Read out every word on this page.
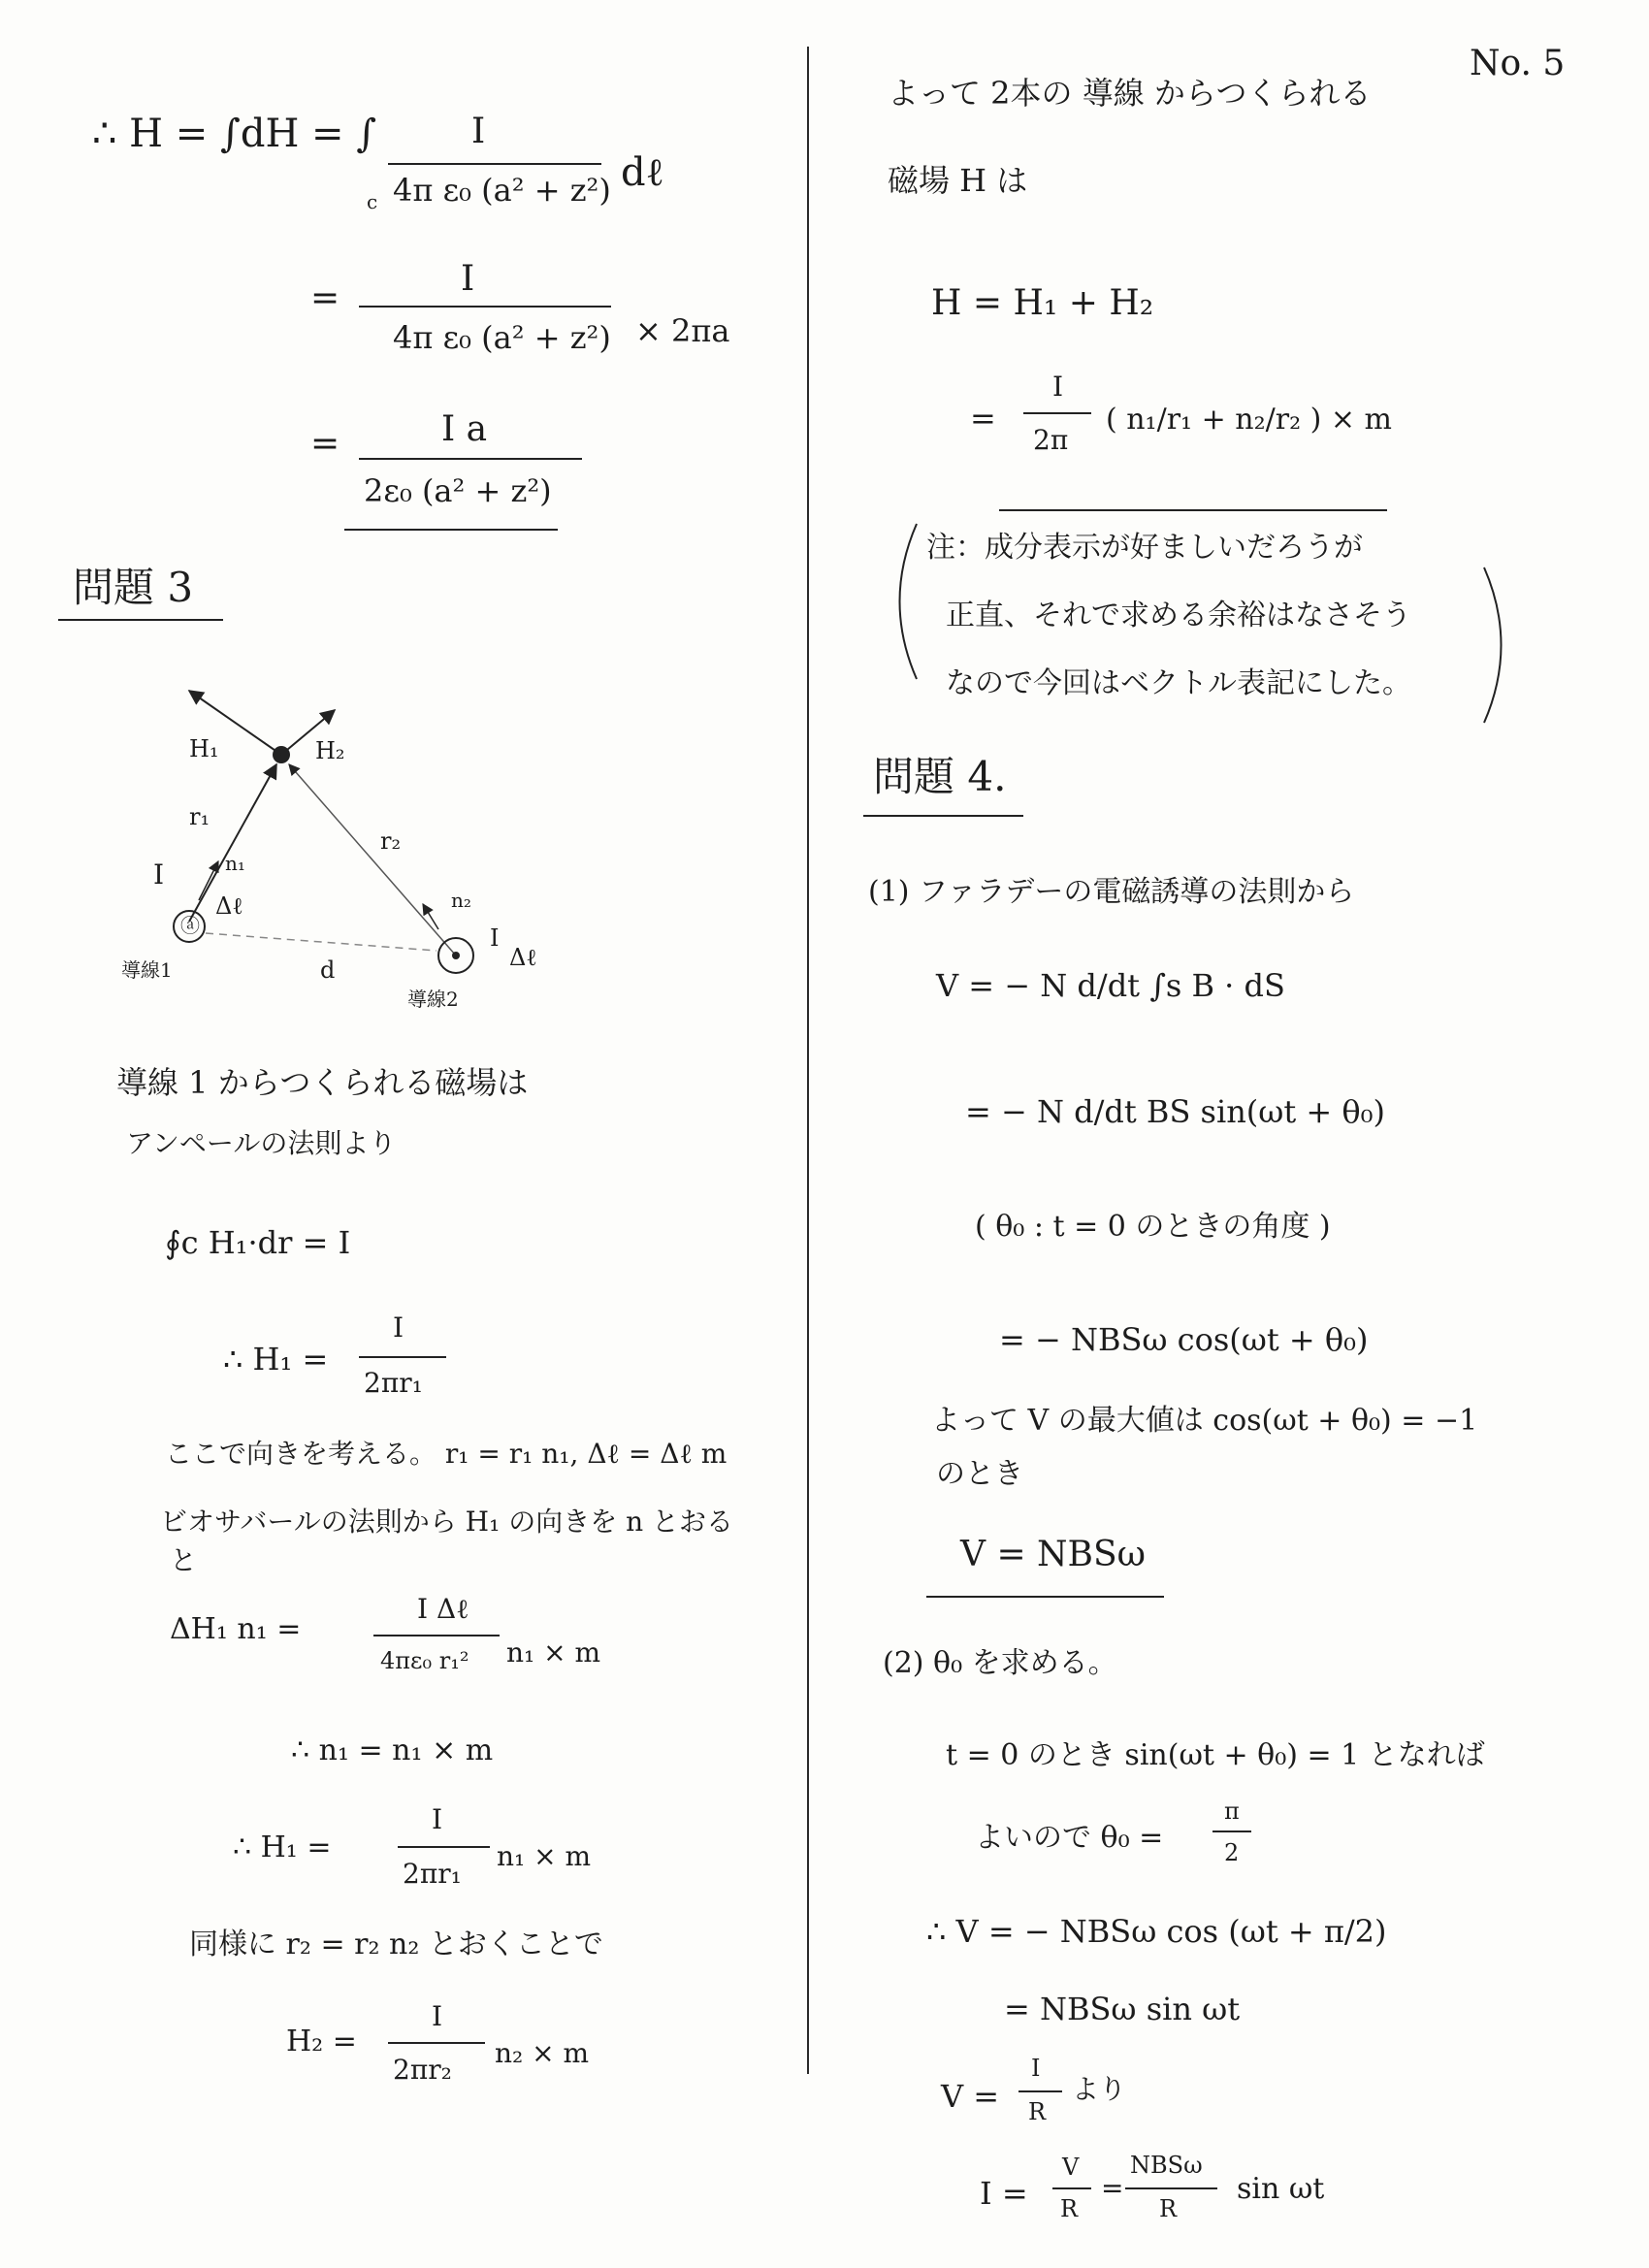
No. 5
∴ H = ∫dH = ∫
c
I
4π ε₀ (a² + z²) dℓ
=	I
4π ε₀ (a² + z²) × 2πa
=	I a
2ε₀ (a² + z²)
問題 3
H₁	H₂
r₁
r₂
n₁
n₂
I
Δℓ
I
Δℓ
ⓐ
導線1
導線2
d
導線 1 からつくられる磁場は
アンペールの法則より
∮c H₁·dr = I
∴ H₁ =
I
2πr₁
ここで向きを考える。 r₁ = r₁ n₁, Δℓ = Δℓ m
ビオサバールの法則から H₁ の向きを n とおる
と
ΔH₁ n₁ =
I Δℓ
4πε₀ r₁² n₁ × m
∴ n₁ = n₁ × m
∴ H₁ =
I
2πr₁
n₁ × m
同様に r₂ = r₂ n₂ とおくことで
H₂ =
I
2πr₂
n₂ × m
よって 2本の 導線 からつくられる
磁場 H は
H = H₁ + H₂
=
I
2π
( n₁/r₁ + n₂/r₂ ) × m
注：成分表示が好ましいだろうが
正直、それで求める余裕はなさそう
なので今回はベクトル表記にした。
問題 4.
(1) ファラデーの電磁誘導の法則から
V = − N d/dt ∫s B · dS
= − N d/dt BS sin(ωt + θ₀)
( θ₀ : t = 0 のときの角度 )
= − NBSω cos(ωt + θ₀)
よって V の最大値は cos(ωt + θ₀) = −1
のとき
V = NBSω
(2) θ₀ を求める。
t = 0 のとき sin(ωt + θ₀) = 1 となれば
よいので θ₀ =
π
2
∴ V = − NBSω cos (ωt + π/2)
= NBSω sin ωt
V =
I
R
より
I =
V
R
=
NBSω
R
sin ωt
